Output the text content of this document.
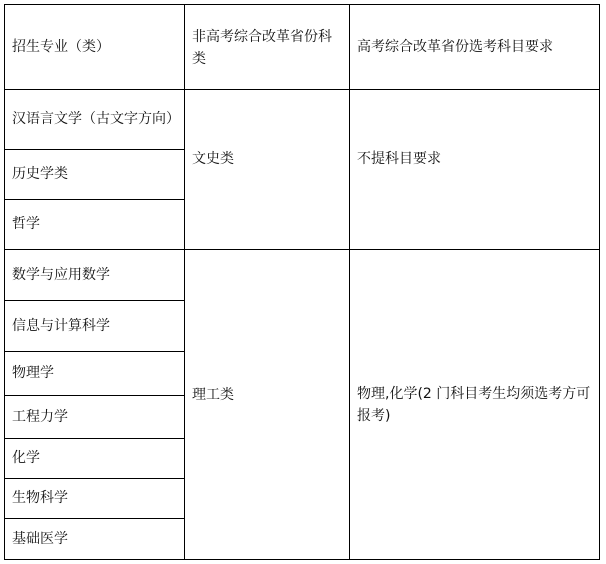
招生专业（类）
非高考综合改革省份科类
高考综合改革省份选考科目要求
汉语言文学（古文字方向）
历史学类
哲学
文史类	不提科目要求
数学与应用数学
信息与计算科学
物理学
工程力学
化学
生物科学
基础医学
理工类	物理,化学(2 门科目考生均须选考方可报考)
